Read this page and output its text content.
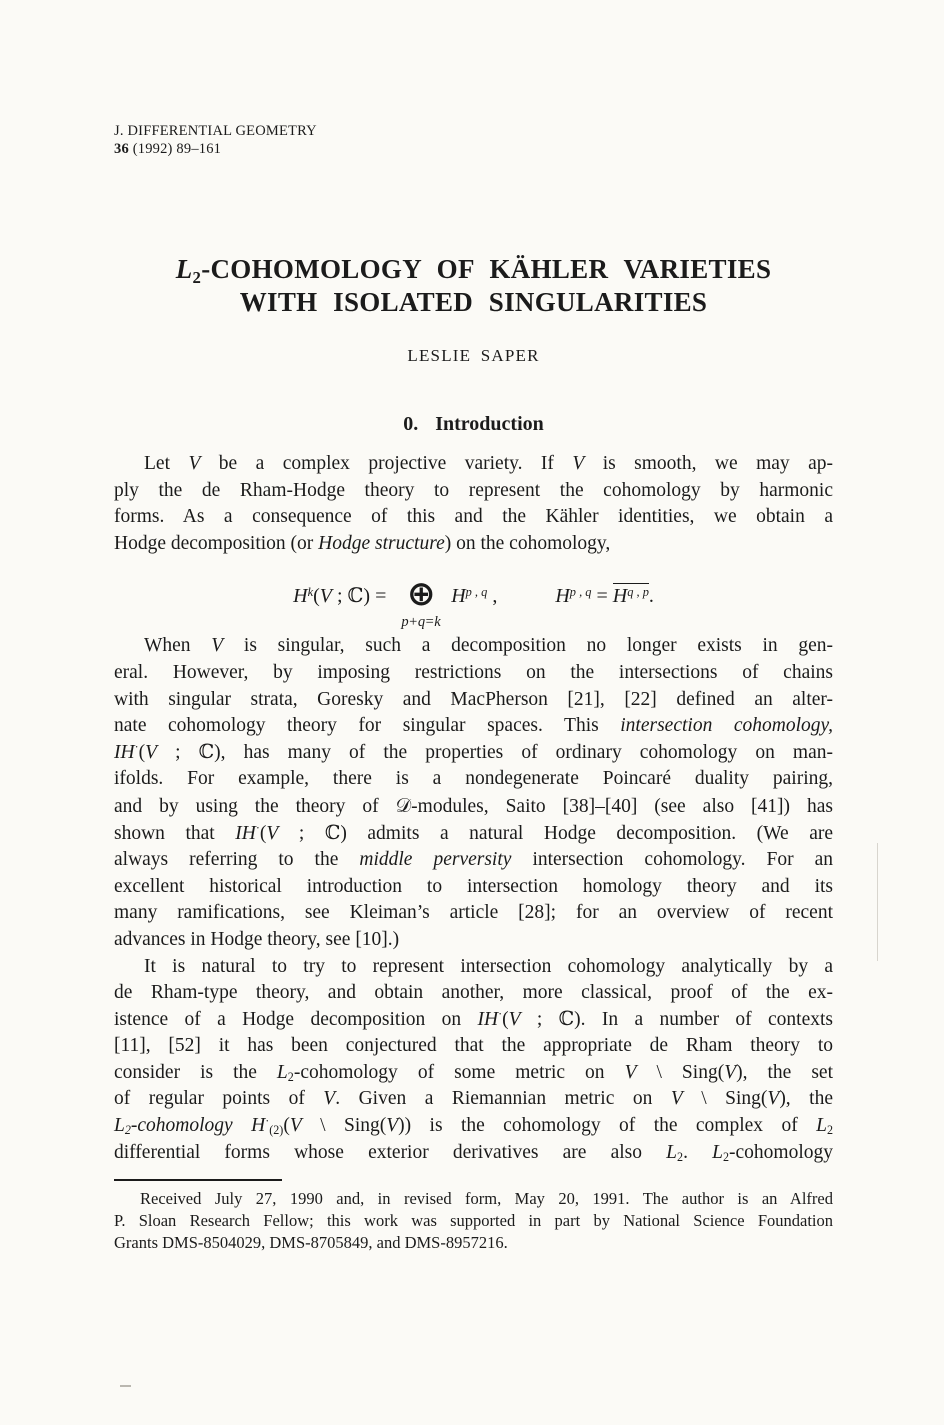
J. DIFFERENTIAL GEOMETRY
36 (1992) 89–161
L2-COHOMOLOGY OF KÄHLER VARIETIES
WITH ISOLATED SINGULARITIES
LESLIE SAPER
0. Introduction
Let V be a complex projective variety. If V is smooth, we may ap-
ply the de Rham-Hodge theory to represent the cohomology by harmonic
forms. As a consequence of this and the Kähler identities, we obtain a
Hodge decomposition (or Hodge structure) on the cohomology,
$H^k(V$ ; ℂ) = ⊕
p+q=k
H$^{p , q}$ ,	H$^{p , q}$ = H$^{q , p}$.
When V is singular, such a decomposition no longer exists in gen-
eral. However, by imposing restrictions on the intersections of chains
with singular strata, Goresky and MacPherson [21], [22] defined an alter-
nate cohomology theory for singular spaces. This intersection cohomology,
IH·(V ; ℂ), has many of the properties of ordinary cohomology on man-
ifolds. For example, there is a nondegenerate Poincaré duality pairing,
and by using the theory of 𝒟-modules, Saito [38]–[40] (see also [41]) has
shown that IH·(V ; ℂ) admits a natural Hodge decomposition. (We are
always referring to the middle perversity intersection cohomology. For an
excellent historical introduction to intersection homology theory and its
many ramifications, see Kleiman’s article [28]; for an overview of recent
advances in Hodge theory, see [10].)
It is natural to try to represent intersection cohomology analytically by a
de Rham-type theory, and obtain another, more classical, proof of the ex-
istence of a Hodge decomposition on IH·(V ; ℂ). In a number of contexts
[11], [52] it has been conjectured that the appropriate de Rham theory to
consider is the L2-cohomology of some metric on V \ Sing(V), the set
of regular points of V. Given a Riemannian metric on V \ Sing(V), the
L2-cohomology H·(2)(V \ Sing(V)) is the cohomology of the complex of L2
differential forms whose exterior derivatives are also L2. L2-cohomology
Received July 27, 1990 and, in revised form, May 20, 1991. The author is an Alfred
P. Sloan Research Fellow; this work was supported in part by National Science Foundation
Grants DMS-8504029, DMS-8705849, and DMS-8957216.
